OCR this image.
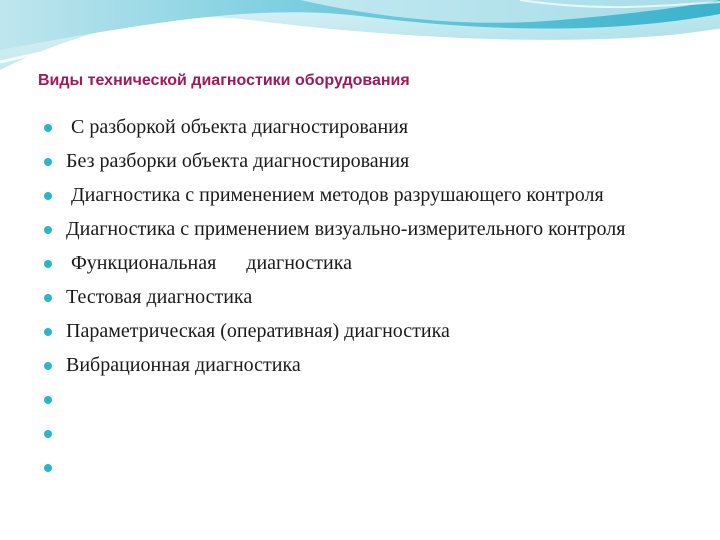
Виды технической диагностики оборудования
С разборкой объекта диагностирования
Без разборки объекта диагностирования
Диагностика с применением методов разрушающего контроля
Диагностика с применением визуально-измерительного контроля
Функциональная      диагностика
Тестовая диагностика
Параметрическая (оперативная) диагностика
Вибрационная диагностика
